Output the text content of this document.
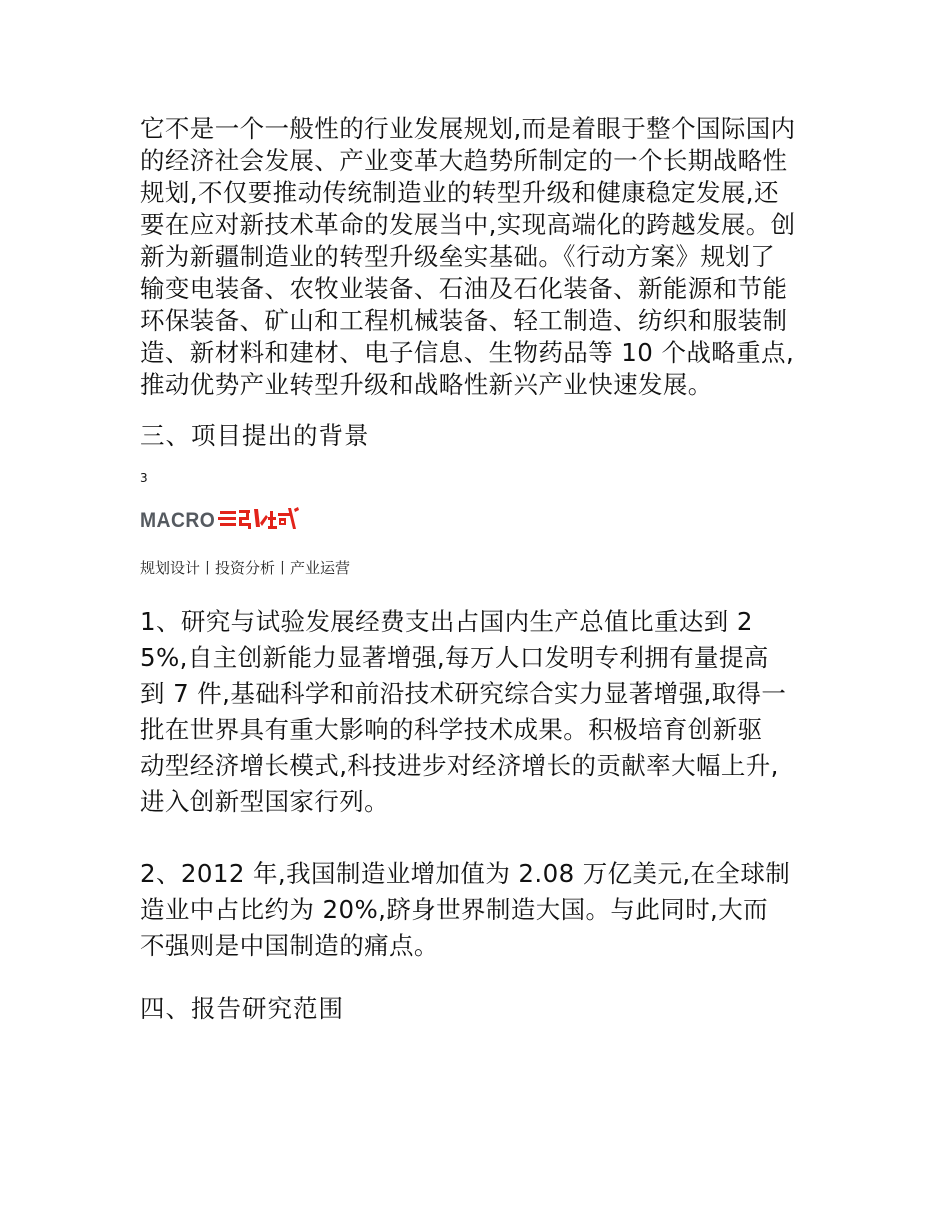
它不是一个一般性的行业发展规划,而是着眼于整个国际国内
的经济社会发展、产业变革大趋势所制定的一个长期战略性
规划,不仅要推动传统制造业的转型升级和健康稳定发展,还
要在应对新技术革命的发展当中,实现高端化的跨越发展。创
新为新疆制造业的转型升级垒实基础。《行动方案》规划了
输变电装备、农牧业装备、石油及石化装备、新能源和节能
环保装备、矿山和工程机械装备、轻工制造、纺织和服装制
造、新材料和建材、电子信息、生物药品等 10 个战略重点,
推动优势产业转型升级和战略性新兴产业快速发展。

三、项目提出的背景
3
MACRO
规划设计丨投资分析丨产业运营

1、研究与试验发展经费支出占国内生产总值比重达到 2
5%,自主创新能力显著增强,每万人口发明专利拥有量提高
到 7 件,基础科学和前沿技术研究综合实力显著增强,取得一
批在世界具有重大影响的科学技术成果。积极培育创新驱
动型经济增长模式,科技进步对经济增长的贡献率大幅上升,
进入创新型国家行列。

2、2012 年,我国制造业增加值为 2.08 万亿美元,在全球制
造业中占比约为 20%,跻身世界制造大国。与此同时,大而
不强则是中国制造的痛点。

四、报告研究范围
